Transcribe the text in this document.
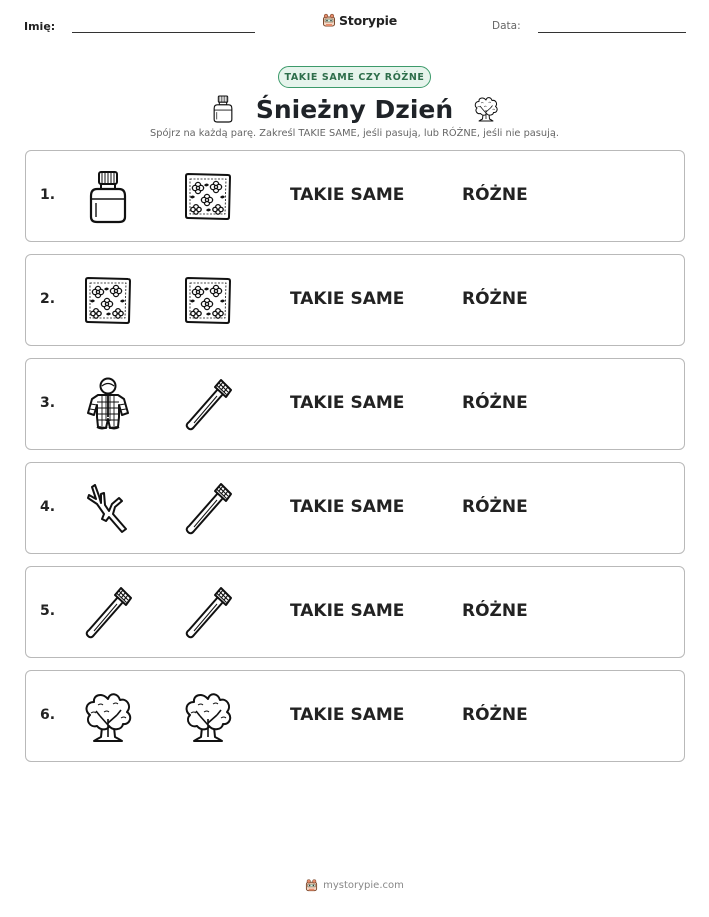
Imię:	Storypie	Data:
TAKIE SAME CZY RÓŻNE
Śnieżny Dzień

Spójrz na każdą parę. Zakreśl TAKIE SAME, jeśli pasują, lub RÓŻNE, jeśli nie pasują.

1.	TAKIE SAME	RÓŻNE
2.	TAKIE SAME	RÓŻNE
3.	TAKIE SAME	RÓŻNE
4.	TAKIE SAME	RÓŻNE
5.	TAKIE SAME	RÓŻNE
6.	TAKIE SAME	RÓŻNE
mystorypie.com
